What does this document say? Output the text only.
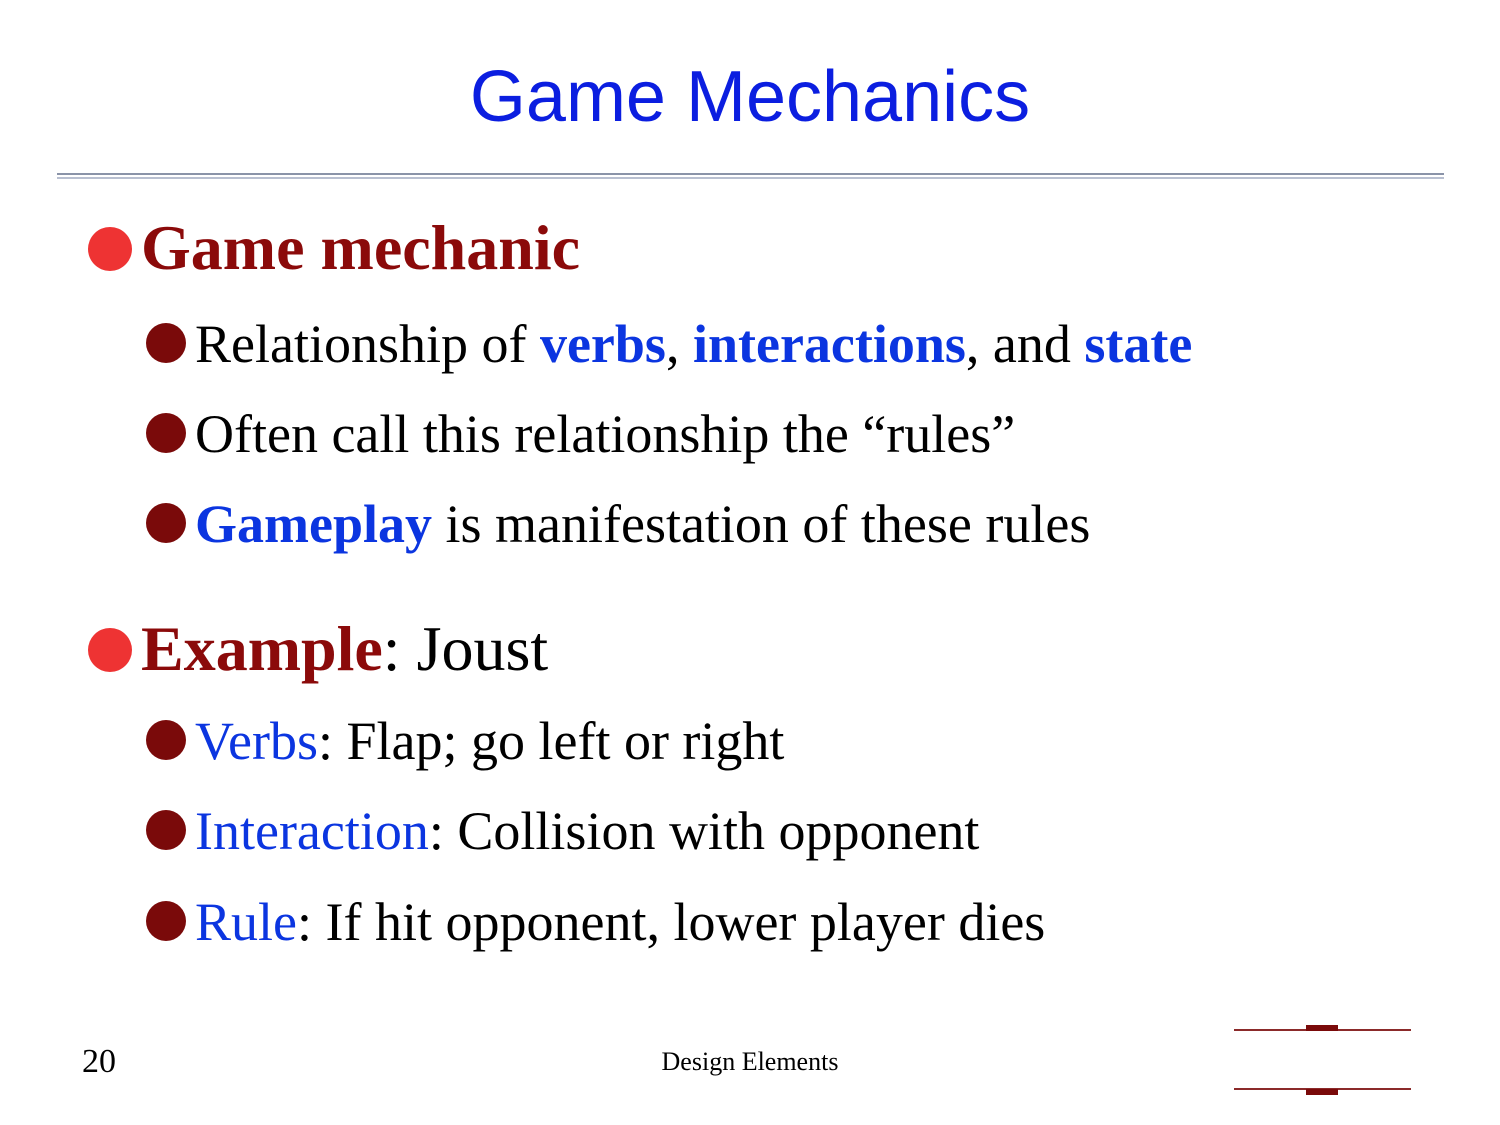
Game Mechanics
Game mechanic
Relationship of verbs, interactions, and state
Often call this relationship the “rules”
Gameplay is manifestation of these rules
Example: Joust
Verbs: Flap; go left or right
Interaction: Collision with opponent
Rule: If hit opponent, lower player dies
20	Design Elements
